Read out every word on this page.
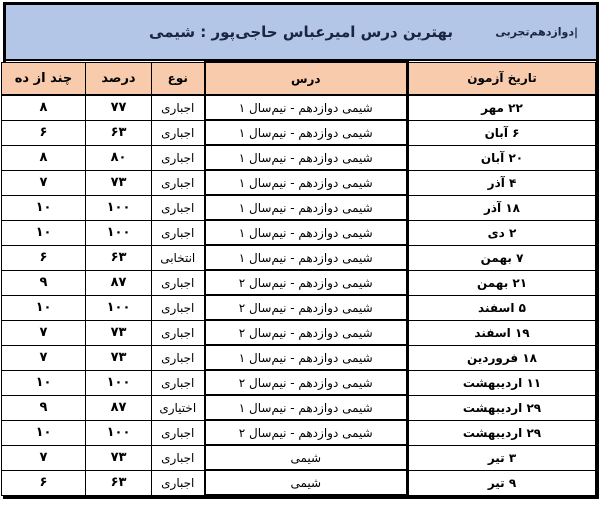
|دوازدهم‌تجربی
بهترین درس امیرعباس حاجی‌پور : شیمی
تاریخ آزمون	درس	نوع	درصد	چند از ده
۲۲ مهر	شیمی دوازدهم - نیم‌سال ۱	اجباری	۷۷	۸
۶ آبان	شیمی دوازدهم - نیم‌سال ۱	اجباری	۶۳	۶
۲۰ آبان	شیمی دوازدهم - نیم‌سال ۱	اجباری	۸۰	۸
۴ آذر	شیمی دوازدهم - نیم‌سال ۱	اجباری	۷۳	۷
۱۸ آذر	شیمی دوازدهم - نیم‌سال ۱	اجباری	۱۰۰	۱۰
۲ دی	شیمی دوازدهم - نیم‌سال ۱	اجباری	۱۰۰	۱۰
۷ بهمن	شیمی دوازدهم - نیم‌سال ۱	انتخابی	۶۳	۶
۲۱ بهمن	شیمی دوازدهم - نیم‌سال ۲	اجباری	۸۷	۹
۵ اسفند	شیمی دوازدهم - نیم‌سال ۲	اجباری	۱۰۰	۱۰
۱۹ اسفند	شیمی دوازدهم - نیم‌سال ۲	اجباری	۷۳	۷
۱۸ فروردین	شیمی دوازدهم - نیم‌سال ۱	اجباری	۷۳	۷
۱۱ اردیبهشت	شیمی دوازدهم - نیم‌سال ۲	اجباری	۱۰۰	۱۰
۲۹ اردیبهشت	شیمی دوازدهم - نیم‌سال ۱	اختیاری	۸۷	۹
۲۹ اردیبهشت	شیمی دوازدهم - نیم‌سال ۲	اجباری	۱۰۰	۱۰
۳ تیر	شیمی	اجباری	۷۳	۷
۹ تیر	شیمی	اجباری	۶۳	۶
